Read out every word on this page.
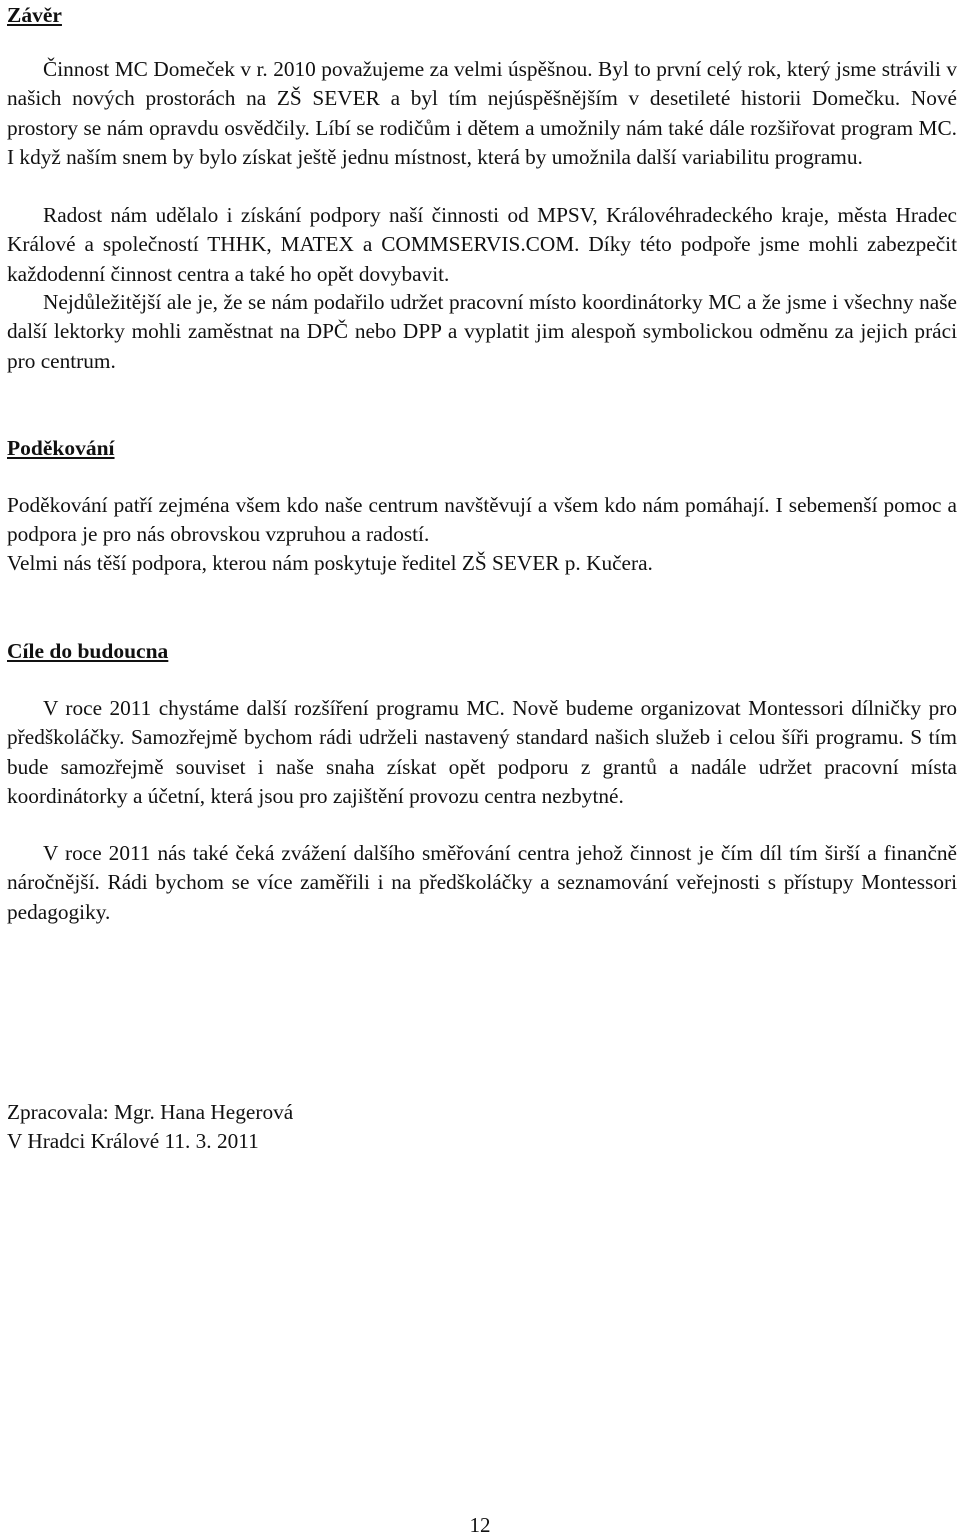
Závěr

Činnost MC Domeček v r. 2010 považujeme za velmi úspěšnou. Byl to první celý rok, který jsme strávili v našich nových prostorách na ZŠ SEVER a byl tím nejúspěšnějším v desetileté historii Domečku. Nové prostory se nám opravdu osvědčily. Líbí se rodičům i dětem a umožnily nám také dále rozšiřovat program MC. I když naším snem by bylo získat ještě jednu místnost, která by umožnila další variabilitu programu.

Radost nám udělalo i získání podpory naší činnosti od MPSV, Královéhradeckého kraje, města Hradec Králové a společností THHK, MATEX a COMMSERVIS.COM. Díky této podpoře jsme mohli zabezpečit každodenní činnost centra a také ho opět dovybavit.

Nejdůležitější ale je, že se nám podařilo udržet pracovní místo koordinátorky MC a že jsme i všechny naše další lektorky mohli zaměstnat na DPČ nebo DPP a vyplatit jim alespoň symbolickou odměnu za jejich práci pro centrum.

Poděkování

Poděkování patří zejména všem kdo naše centrum navštěvují a všem kdo nám pomáhají. I sebemenší pomoc a podpora je pro nás obrovskou vzpruhou a radostí.

Velmi nás těší podpora, kterou nám poskytuje ředitel ZŠ SEVER p. Kučera.

Cíle do budoucna

V roce 2011 chystáme další rozšíření programu MC. Nově budeme organizovat Montessori dílničky pro předškoláčky. Samozřejmě bychom rádi udrželi nastavený standard našich služeb i celou šíři programu. S tím bude samozřejmě souviset i naše snaha získat opět podporu z grantů a nadále udržet pracovní místa koordinátorky a účetní, která jsou pro zajištění provozu centra nezbytné.

V roce 2011 nás také čeká zvážení dalšího směřování centra jehož činnost je čím díl tím širší a finančně náročnější. Rádi bychom se více zaměřili i na předškoláčky a seznamování veřejnosti s přístupy Montessori pedagogiky.

Zpracovala: Mgr. Hana Hegerová

V Hradci Králové 11. 3. 2011

12
